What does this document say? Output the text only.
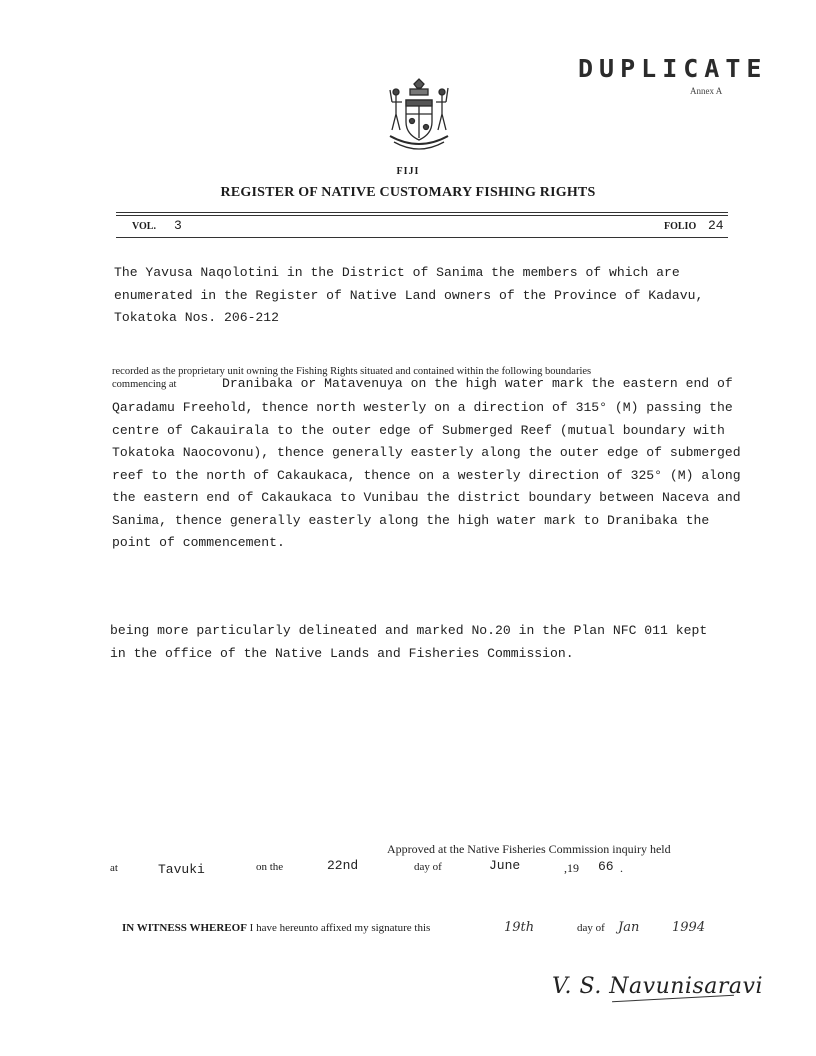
DUPLICATE
Annex A
FIJI
REGISTER OF NATIVE CUSTOMARY FISHING RIGHTS
VOL. 3	FOLIO 24
The Yavusa Naqolotini in the District of Sanima the members of which are
enumerated in the Register of Native Land owners of the Province of Kadavu,
Tokatoka Nos. 206-212
recorded as the proprietary unit owning the Fishing Rights situated and contained within the following boundaries
commencing at	Dranibaka or Matavenuya on the high water mark the eastern end of
Qaradamu Freehold, thence north westerly on a direction of 315° (M) passing the
centre of Cakauirala to the outer edge of Submerged Reef (mutual boundary with
Tokatoka Naocovonu), thence generally easterly along the outer edge of submerged
reef to the north of Cakaukaca, thence on a westerly direction of 325° (M) along
the eastern end of Cakaukaca to Vunibau the district boundary between Naceva and
Sanima, thence generally easterly along the high water mark to Dranibaka the
point of commencement.
being more particularly delineated and marked No.20 in the Plan NFC 011 kept
in the office of the Native Lands and Fisheries Commission.
Approved at the Native Fisheries Commission inquiry held
at	Tavuki	on the	22nd	day of	June	,19 66 .
IN WITNESS WHEREOF I have hereunto affixed my signature this	19th	day of Jan	1994
V. S. Navunisaravi
